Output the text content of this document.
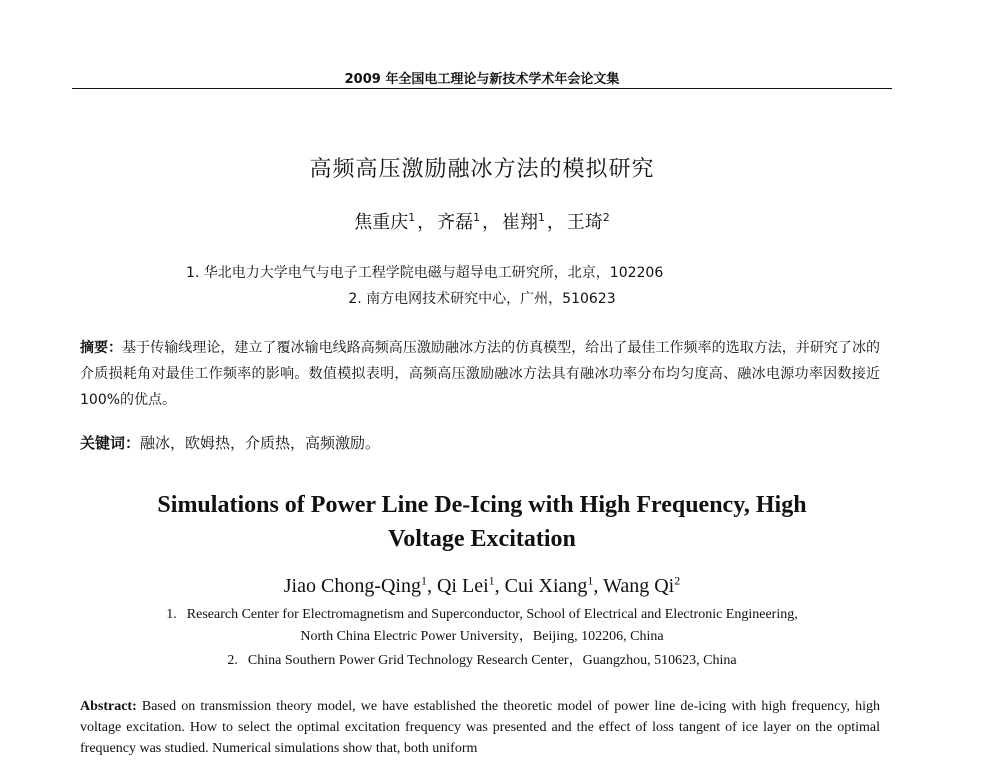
2009 年全国电工理论与新技术学术年会论文集
高频高压激励融冰方法的模拟研究
焦重庆$^1$ ， 齐磊$^1$ ， 崔翔$^1$ ， 王琦$^2$
1. 华北电力大学电气与电子工程学院电磁与超导电工研究所，北京，102206
2. 南方电网技术研究中心，广州，510623
摘要：基于传输线理论，建立了覆冰输电线路高频高压激励融冰方法的仿真模型，给出了最佳工作频率的选取方法，并研究了冰的介质损耗角对最佳工作频率的影响。数值模拟表明，高频高压激励融冰方法具有融冰功率分布均匀度高、融冰电源功率因数接近 100%的优点。
关键词：融冰，欧姆热，介质热，高频激励。
Simulations of Power Line De-Icing with High Frequency, High
Voltage Excitation
Jiao Chong-Qing$^1$, Qi Lei$^1$, Cui Xiang$^1$, Wang Qi$^2$
1. Research Center for Electromagnetism and Superconductor, School of Electrical and Electronic Engineering,
North China Electric Power University，Beijing, 102206, China
2. China Southern Power Grid Technology Research Center，Guangzhou, 510623, China
Abstract: Based on transmission theory model, we have established the theoretic model of power line de-icing with high frequency, high voltage excitation. How to select the optimal excitation frequency was presented and the effect of loss tangent of ice layer on the optimal frequency was studied. Numerical simulations show that, both uniform
